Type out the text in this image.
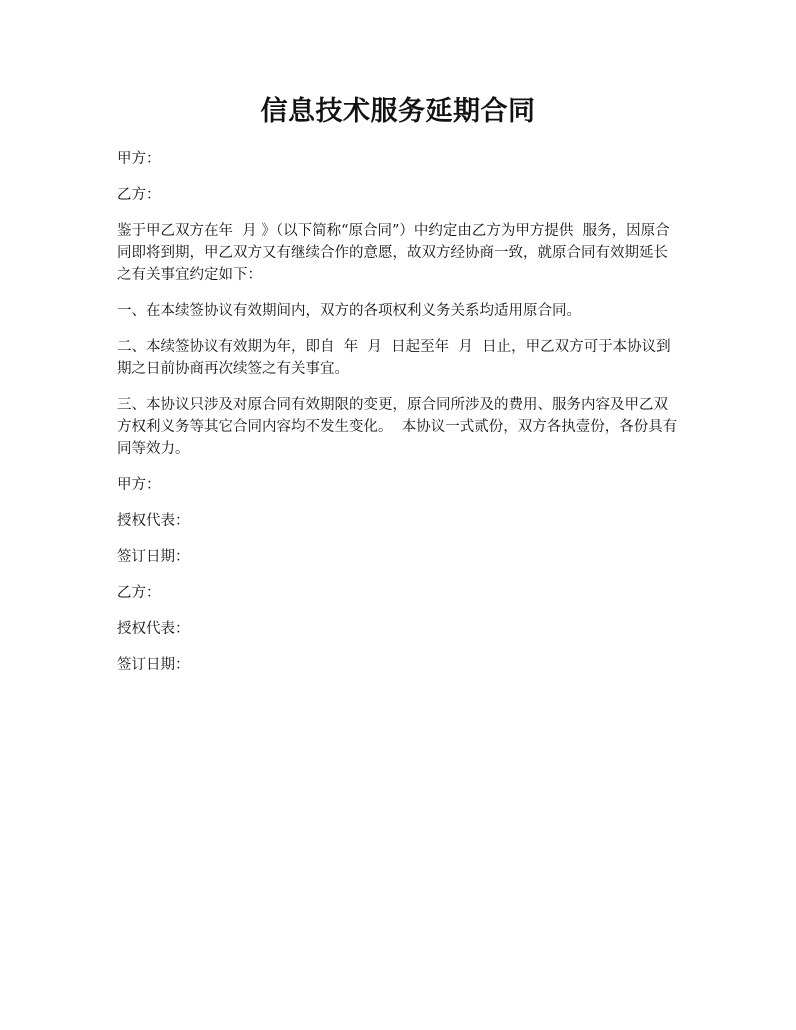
信息技术服务延期合同

甲方：

乙方：

鉴于甲乙双方在年  月 》（以下简称“原合同”）中约定由乙方为甲方提供  服务，因原合同即将到期，甲乙双方又有继续合作的意愿，故双方经协商一致，就原合同有效期延长之有关事宜约定如下：

一、在本续签协议有效期间内，双方的各项权利义务关系均适用原合同。

二、本续签协议有效期为年，即自  年  月  日起至年  月  日止，甲乙双方可于本协议到期之日前协商再次续签之有关事宜。

三、本协议只涉及对原合同有效期限的变更，原合同所涉及的费用、服务内容及甲乙双方权利义务等其它合同内容均不发生变化。  本协议一式贰份，双方各执壹份，各份具有同等效力。

甲方：

授权代表：

签订日期：

乙方：

授权代表：

签订日期：
